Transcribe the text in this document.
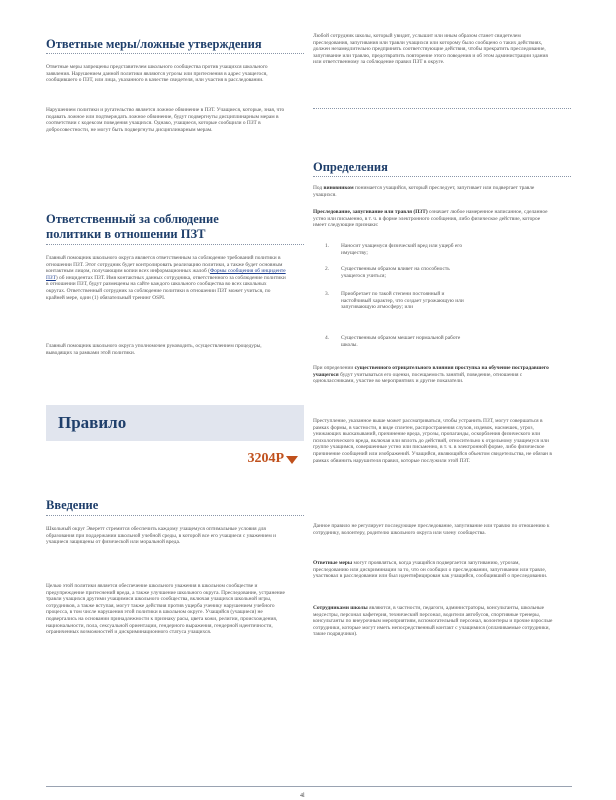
Ответные меры/ложные утверждения
Ответные меры запрещены представителем школьного сообщества против учащихся школьного заявления. Нарушением данной политики являются угрозы или притеснения в адрес учащегося, сообщившего о ПЗТ, или лица, указанного в качестве свидетеля, или участия в расследовании.
Нарушением политики и ругательство является ложное обвинение в ПЗТ. Учащиеся, которые, зная, что подавать ложное или подтверждать ложное обвинение, будут подвергнуты дисциплинарным мерам в соответствии с кодексом поведения учащихся. Однако, учащиеся, которые сообщили о ПЗТ в добросовестности, не могут быть подвергнуты дисциплинарным мерам.
Ответственный за соблюдение
политики в отношении ПЗТ
Главный помощник школьного округа является ответственным за соблюдение требований политики в отношении ПЗТ. Этот сотрудник будет контролировать реализацию политики, а также будет основным контактным лицом, получающим копии всех информационных жалоб (Формы сообщения об инциденте ПЗТ) об инцидентах ПЗТ. Имя контактных данных сотрудника, ответственного за соблюдение политики в отношении ПЗТ, будут размещены на сайте каждого школьного сообщества во всех школьных округах. Ответственный сотрудник за соблюдение политики в отношении ПЗТ может учиться, по крайней мере, один (1) обязательный тренинг OSPI.
Главный помощник школьного округа уполномочен руководить, осуществлением процедуры, выводящих за рамками этой политики.
Правило
3204P
Введение
Школьный округ Эверетт стремится обеспечить каждому учащемуся оптимальные условия для образования при поддержании школьной учебной среды, в которой все его учащиеся с уважением и учащиеся защищены от физической или моральной вреда.
Целью этой политики является обеспечение школьного уважения в школьном сообществе и предупреждение притеснений вреда, а также улучшение школьного округа. Преследование, устранение травли учащихся другими учащимися школьного сообщества, включая учащихся школьной игры, сотрудников, а также вступая, могут также действия против ущерба ученику нарушением учебного процесса, в том числе нарушения этой политики в школьном округе. Учащийся (учащиеся) не подвергались на основании принадлежности к признаку расы, цвета кожи, религии, происхождения, национальности, пола, сексуальной ориентации, гендерного выражения, гендерной идентичности, ограниченных возможностей и дискриминационного статуса учащихся.
Любой сотрудник школы, который увидит, услышит или иным образом станет свидетелем преследования, запугивания или травли учащихся или которому было сообщено о таких действиях, должен незамедлительно предпринять соответствующие действия, чтобы прекратить преследование, запугивание или травлю, предотвратить повторение этого поведения и об этом администрации здания или ответственному за соблюдение правил ПЗТ в округе.
Определения
Под виновником понимается учащийся, который преследует, запугивает или подвергает травле учащихся.
Преследование, запугивание или травля (ПЗТ) означает любое намеренное написанное, сделанное устно или письменно, в т. ч. в форме электронного сообщения, либо физическое действие, которое имеет следующие признаки:
1. Наносит учащемуся физический вред или ущерб его имуществу;
2. Существенным образом влияет на способность учащегося учиться;
3. Приобретает по такой степени постоянный и настойчивый характер, что создает угрожающую или запугивающую атмосферу; или
4. Существенным образом мешает нормальной работе школы.
При определении существенного отрицательного влияния проступка на обучение пострадавшего учащегося будут учитываться его оценки, посещаемость занятий, поведение, отношения с одноклассниками, участие во мероприятиях и другие показатели.
Преступление, указанное выше может рассматриваться, чтобы устранить ПЗТ, могут совершаться в рамках формы, в частности, в виде сплетен, распространения слухов, издевок, насмешек, угроз, унижающих высказываний, причинение вреда, угрозы, пропаганды, оскорбления физического или психологического вреда, включая или вплоть до действий, относительно к отдельному учащемуся или группе учащимся, совершенные устно или письменно, в т. ч. в электронной форме, либо физическое причинение сообщений или изображений. Учащийся, являющийся объектом свидетельства, не обязан в рамках обвинить нарушителя правил, которые послужили этой ПЗТ.
Данное правило не регулирует последующее преследование, запугивание или травлю по отношению к сотруднику, волонтеру, родителю школьного округа или члену сообщества.
Ответные меры могут проявляться, когда учащийся подвергается запугиванию, угрозам, преследованию или дискриминации за то, что он сообщил о преследовании, запугивании или травле, участвовал в расследовании или был идентифицирован как учащийся, сообщивший о преследовании.
Сотрудниками школы являются, в частности, педагоги, администраторы, консультанты, школьные медсестры, персонал кафетерия, технический персонал, водители автобусов, спортивные тренеры, консультанты по внеурочным мероприятиям, вспомогательный персонал, волонтеры и прочие взрослые сотрудники, которые могут иметь непосредственный контакт с учащимися (оплачиваемые сотрудники, такие подрядчики).
4l
